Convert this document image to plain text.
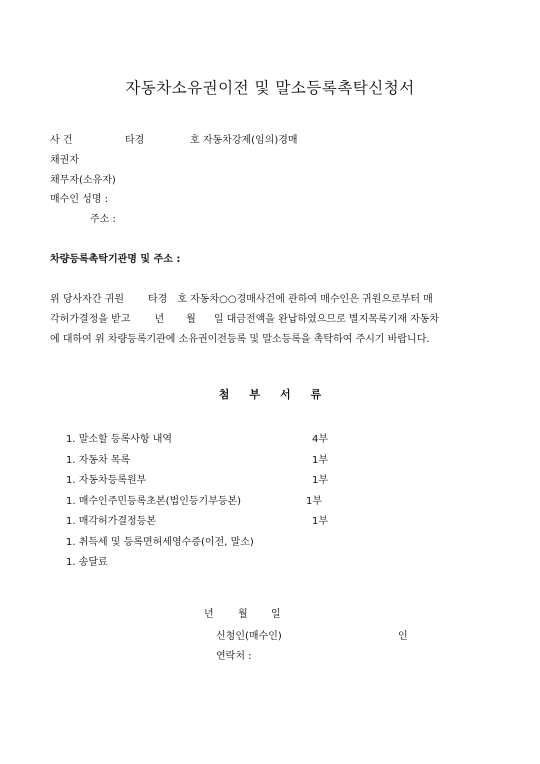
자동차소유권이전 및 말소등록촉탁신청서
사 건	타경	호 자동차강제(임의)경매
채권자
채무자(소유자)
매수인 성명 :
주소 :
차량등록촉탁기관명 및 주소 :
위 당사자간 귀원 타경 호 자동차○○경매사건에 관하여 매수인은 귀원으로부터 매
각허가결정을 받고 년 월 일 대금전액을 완납하였으므로 별지목록기재 자동차
에 대하여 위 차량등록기관에 소유권이전등록 및 말소등록을 촉탁하여 주시기 바랍니다.
첨부서류
1. 말소할 등록사항 내역	4부
1. 자동차 목록	1부
1. 자동차등록원부	1부
1. 매수인주민등록초본(법인등기부등본)	1부
1. 매각허가결정등본	1부
1. 취득세 및 등록면허세영수증(이전, 말소)
1. 송달료
년 월 일
신청인(매수인)	인
연락처 :
